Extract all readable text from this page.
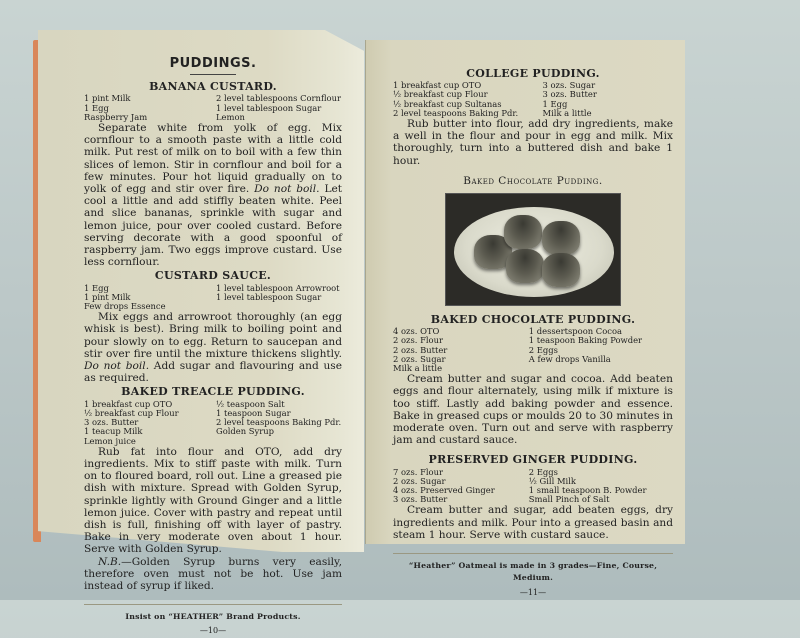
PUDDINGS.
BANANA CUSTARD.
1 pint Milk	2 level tablespoons Cornflour
1 Egg	1 level tablespoon Sugar
Raspberry Jam	Lemon

Separate white from yolk of egg. Mix cornflour to a smooth paste with a little cold milk. Put rest of milk on to boil with a few thin slices of lemon. Stir in cornflour and boil for a few minutes. Pour hot liquid gradually on to yolk of egg and stir over fire. Do not boil. Let cool a little and add stiffly beaten white. Peel and slice bananas, sprinkle with sugar and lemon juice, pour over cooled custard. Before serving decorate with a good spoonful of raspberry jam. Two eggs improve custard. Use less cornflour.

CUSTARD SAUCE.
1 Egg	1 level tablespoon Arrowroot
1 pint Milk	1 level tablespoon Sugar
Few drops Essence

Mix eggs and arrowroot thoroughly (an egg whisk is best). Bring milk to boiling point and pour slowly on to egg. Return to saucepan and stir over fire until the mixture thickens slightly. Do not boil. Add sugar and flavouring and use as required.

BAKED TREACLE PUDDING.
1 breakfast cup OTO	½ teaspoon Salt
½ breakfast cup Flour	1 teaspoon Sugar
3 ozs. Butter	2 level teaspoons Baking Pdr.
1 teacup Milk	Golden Syrup
Lemon juice

Rub fat into flour and OTO, add dry ingredients. Mix to stiff paste with milk. Turn on to floured board, roll out. Line a greased pie dish with mixture. Spread with Golden Syrup, sprinkle lightly with Ground Ginger and a little lemon juice. Cover with pastry and repeat until dish is full, finishing off with layer of pastry. Bake in very moderate oven about 1 hour. Serve with Golden Syrup.

N.B.—Golden Syrup burns very easily, therefore oven must not be hot. Use jam instead of syrup if liked.

Insist on “HEATHER” Brand Products.
—10—
COLLEGE PUDDING.
1 breakfast cup OTO	3 ozs. Sugar
½ breakfast cup Flour	3 ozs. Butter
½ breakfast cup Sultanas	1 Egg
2 level teaspoons Baking Pdr.	Milk a little

Rub butter into flour, add dry ingredients, make a well in the flour and pour in egg and milk. Mix thoroughly, turn into a buttered dish and bake 1 hour.

Baked Chocolate Pudding.
BAKED CHOCOLATE PUDDING.
4 ozs. OTO	1 dessertspoon Cocoa
2 ozs. Flour	1 teaspoon Baking Powder
2 ozs. Butter	2 Eggs
2 ozs. Sugar	A few drops Vanilla
Milk a little

Cream butter and sugar and cocoa. Add beaten eggs and flour alternately, using milk if mixture is too stiff. Lastly add baking powder and essence. Bake in greased cups or moulds 20 to 30 minutes in moderate oven. Turn out and serve with raspberry jam and custard sauce.

PRESERVED GINGER PUDDING.
7 ozs. Flour	2 Eggs
2 ozs. Sugar	½ Gill Milk
4 ozs. Preserved Ginger	1 small teaspoon B. Powder
3 ozs. Butter	Small Pinch of Salt

Cream butter and sugar, add beaten eggs, dry ingredients and milk. Pour into a greased basin and steam 1 hour. Serve with custard sauce.

“Heather” Oatmeal is made in 3 grades—Fine, Course, Medium.
—11—
